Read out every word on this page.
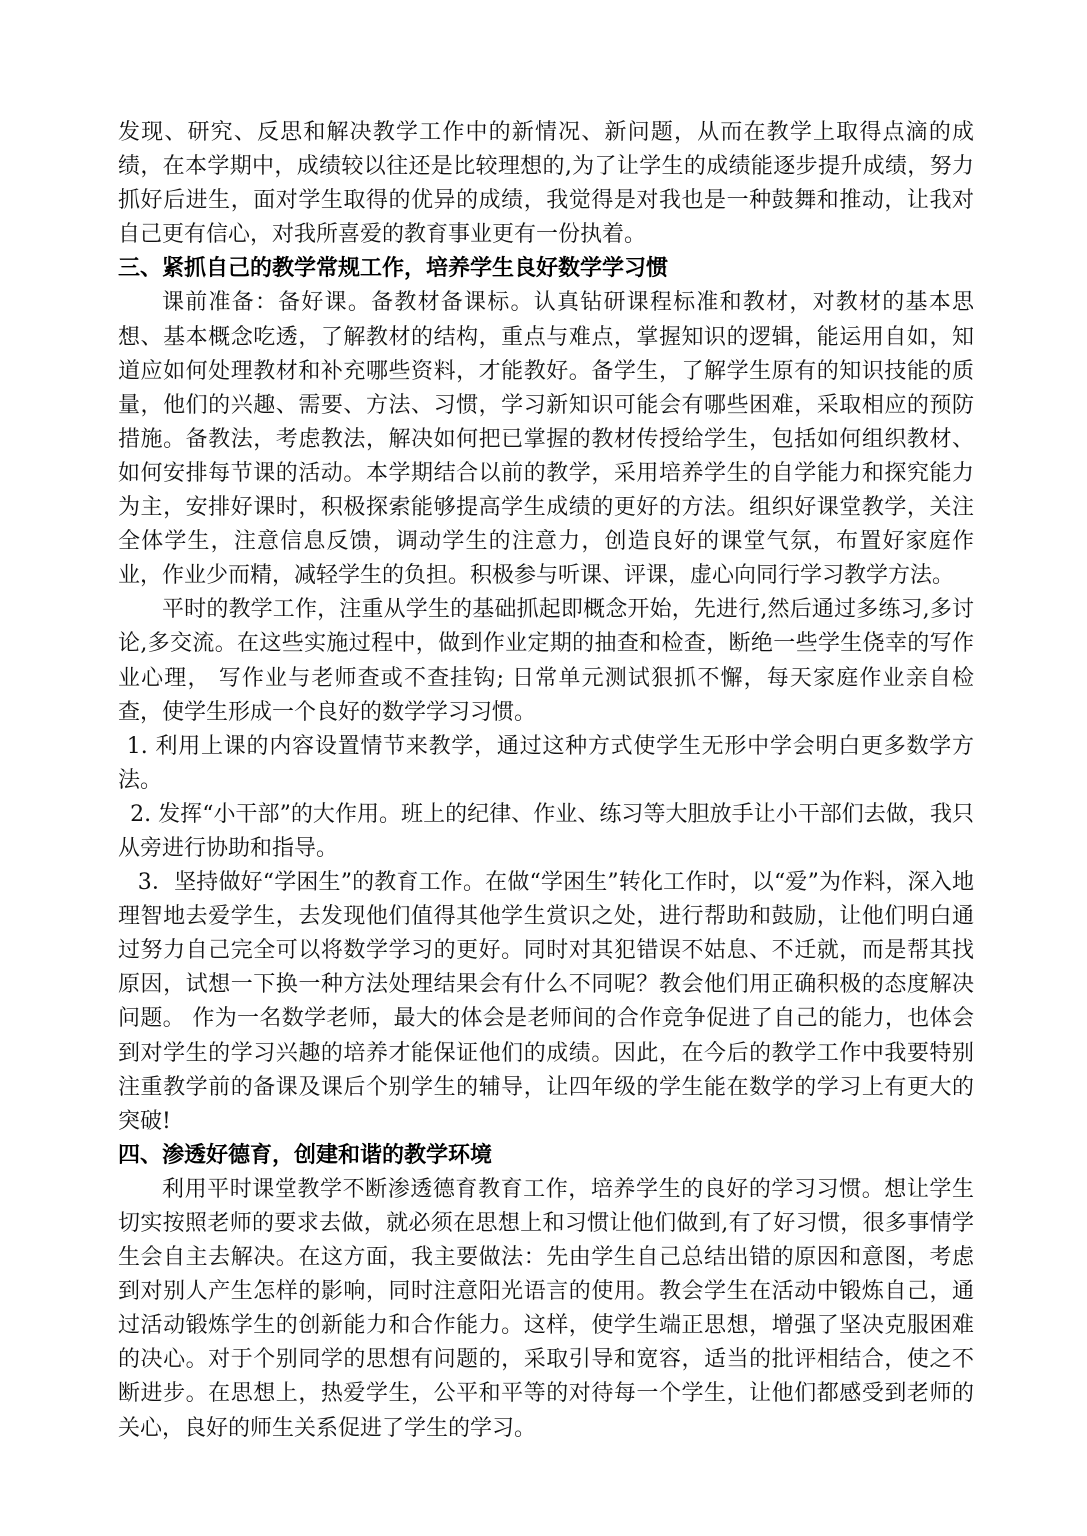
发现、研究、反思和解决教学工作中的新情况、新问题，从而在教学上取得点滴的成绩，在本学期中，成绩较以往还是比较理想的,为了让学生的成绩能逐步提升成绩，努力抓好后进生，面对学生取得的优异的成绩，我觉得是对我也是一种鼓舞和推动，让我对自己更有信心，对我所喜爱的教育事业更有一份执着。

三、紧抓自己的教学常规工作，培养学生良好数学学习惯

课前准备：备好课。备教材备课标。认真钻研课程标准和教材，对教材的基本思想、基本概念吃透，了解教材的结构，重点与难点，掌握知识的逻辑，能运用自如，知道应如何处理教材和补充哪些资料，才能教好。备学生，了解学生原有的知识技能的质量，他们的兴趣、需要、方法、习惯，学习新知识可能会有哪些困难，采取相应的预防措施。备教法，考虑教法，解决如何把已掌握的教材传授给学生，包括如何组织教材、如何安排每节课的活动。本学期结合以前的教学，采用培养学生的自学能力和探究能力为主，安排好课时，积极探索能够提高学生成绩的更好的方法。组织好课堂教学，关注全体学生，注意信息反馈，调动学生的注意力，创造良好的课堂气氛，布置好家庭作业，作业少而精，减轻学生的负担。积极参与听课、评课，虚心向同行学习教学方法。

平时的教学工作，注重从学生的基础抓起即概念开始，先进行,然后通过多练习,多讨论,多交流。在这些实施过程中，做到作业定期的抽查和检查，断绝一些学生侥幸的写作业心理， 写作业与老师查或不查挂钩; 日常单元测试狠抓不懈，每天家庭作业亲自检查，使学生形成一个良好的数学学习习惯。

1. 利用上课的内容设置情节来教学，通过这种方式使学生无形中学会明白更多数学方法。

2. 发挥“小干部”的大作用。班上的纪律、作业、练习等大胆放手让小干部们去做，我只从旁进行协助和指导。

3．坚持做好“学困生”的教育工作。在做“学困生”转化工作时，以“爱”为作料，深入地理智地去爱学生，去发现他们值得其他学生赏识之处，进行帮助和鼓励，让他们明白通过努力自己完全可以将数学学习的更好。同时对其犯错误不姑息、不迁就，而是帮其找原因，试想一下换一种方法处理结果会有什么不同呢？教会他们用正确积极的态度解决问题。 作为一名数学老师，最大的体会是老师间的合作竞争促进了自己的能力，也体会到对学生的学习兴趣的培养才能保证他们的成绩。因此，在今后的教学工作中我要特别注重教学前的备课及课后个别学生的辅导，让四年级的学生能在数学的学习上有更大的突破!

四、渗透好德育，创建和谐的教学环境

利用平时课堂教学不断渗透德育教育工作，培养学生的良好的学习习惯。想让学生切实按照老师的要求去做，就必须在思想上和习惯让他们做到,有了好习惯，很多事情学生会自主去解决。在这方面，我主要做法：先由学生自己总结出错的原因和意图，考虑到对别人产生怎样的影响，同时注意阳光语言的使用。教会学生在活动中锻炼自己，通过活动锻炼学生的创新能力和合作能力。这样，使学生端正思想，增强了坚决克服困难的决心。对于个别同学的思想有问题的，采取引导和宽容，适当的批评相结合，使之不断进步。在思想上，热爱学生，公平和平等的对待每一个学生，让他们都感受到老师的关心，良好的师生关系促进了学生的学习。
